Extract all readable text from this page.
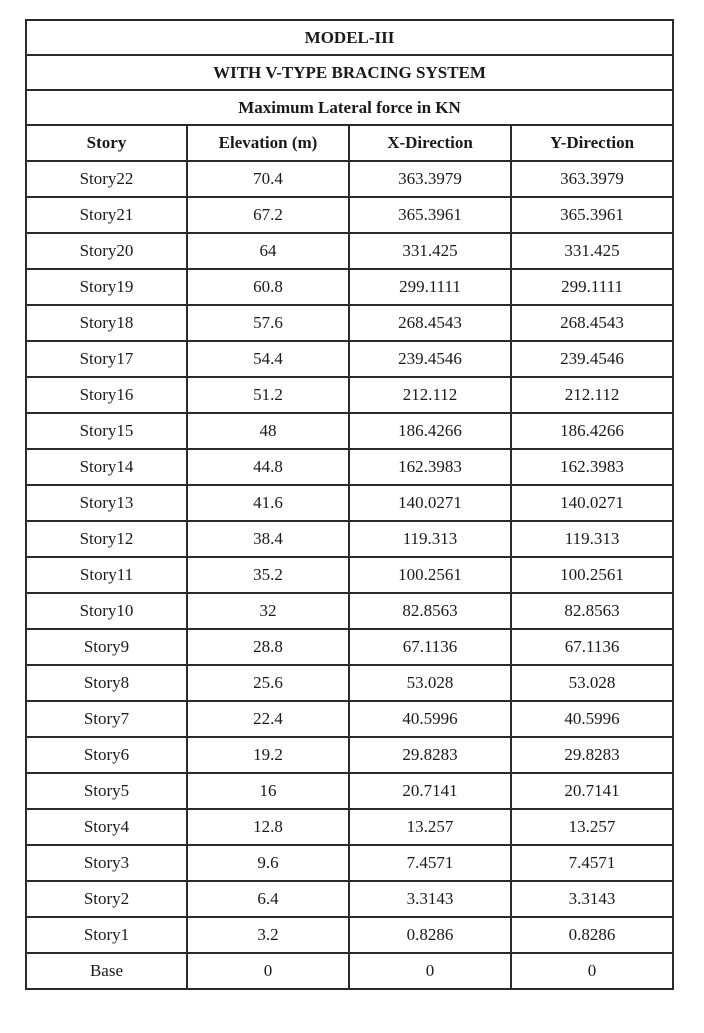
MODEL-III			
WITH V-TYPE BRACING SYSTEM			
Maximum Lateral force in KN			
Story	Elevation (m)	X-Direction	Y-Direction
Story22	70.4	363.3979	363.3979
Story21	67.2	365.3961	365.3961
Story20	64	331.425	331.425
Story19	60.8	299.1111	299.1111
Story18	57.6	268.4543	268.4543
Story17	54.4	239.4546	239.4546
Story16	51.2	212.112	212.112
Story15	48	186.4266	186.4266
Story14	44.8	162.3983	162.3983
Story13	41.6	140.0271	140.0271
Story12	38.4	119.313	119.313
Story11	35.2	100.2561	100.2561
Story10	32	82.8563	82.8563
Story9	28.8	67.1136	67.1136
Story8	25.6	53.028	53.028
Story7	22.4	40.5996	40.5996
Story6	19.2	29.8283	29.8283
Story5	16	20.7141	20.7141
Story4	12.8	13.257	13.257
Story3	9.6	7.4571	7.4571
Story2	6.4	3.3143	3.3143
Story1	3.2	0.8286	0.8286
Base	0	0	0
